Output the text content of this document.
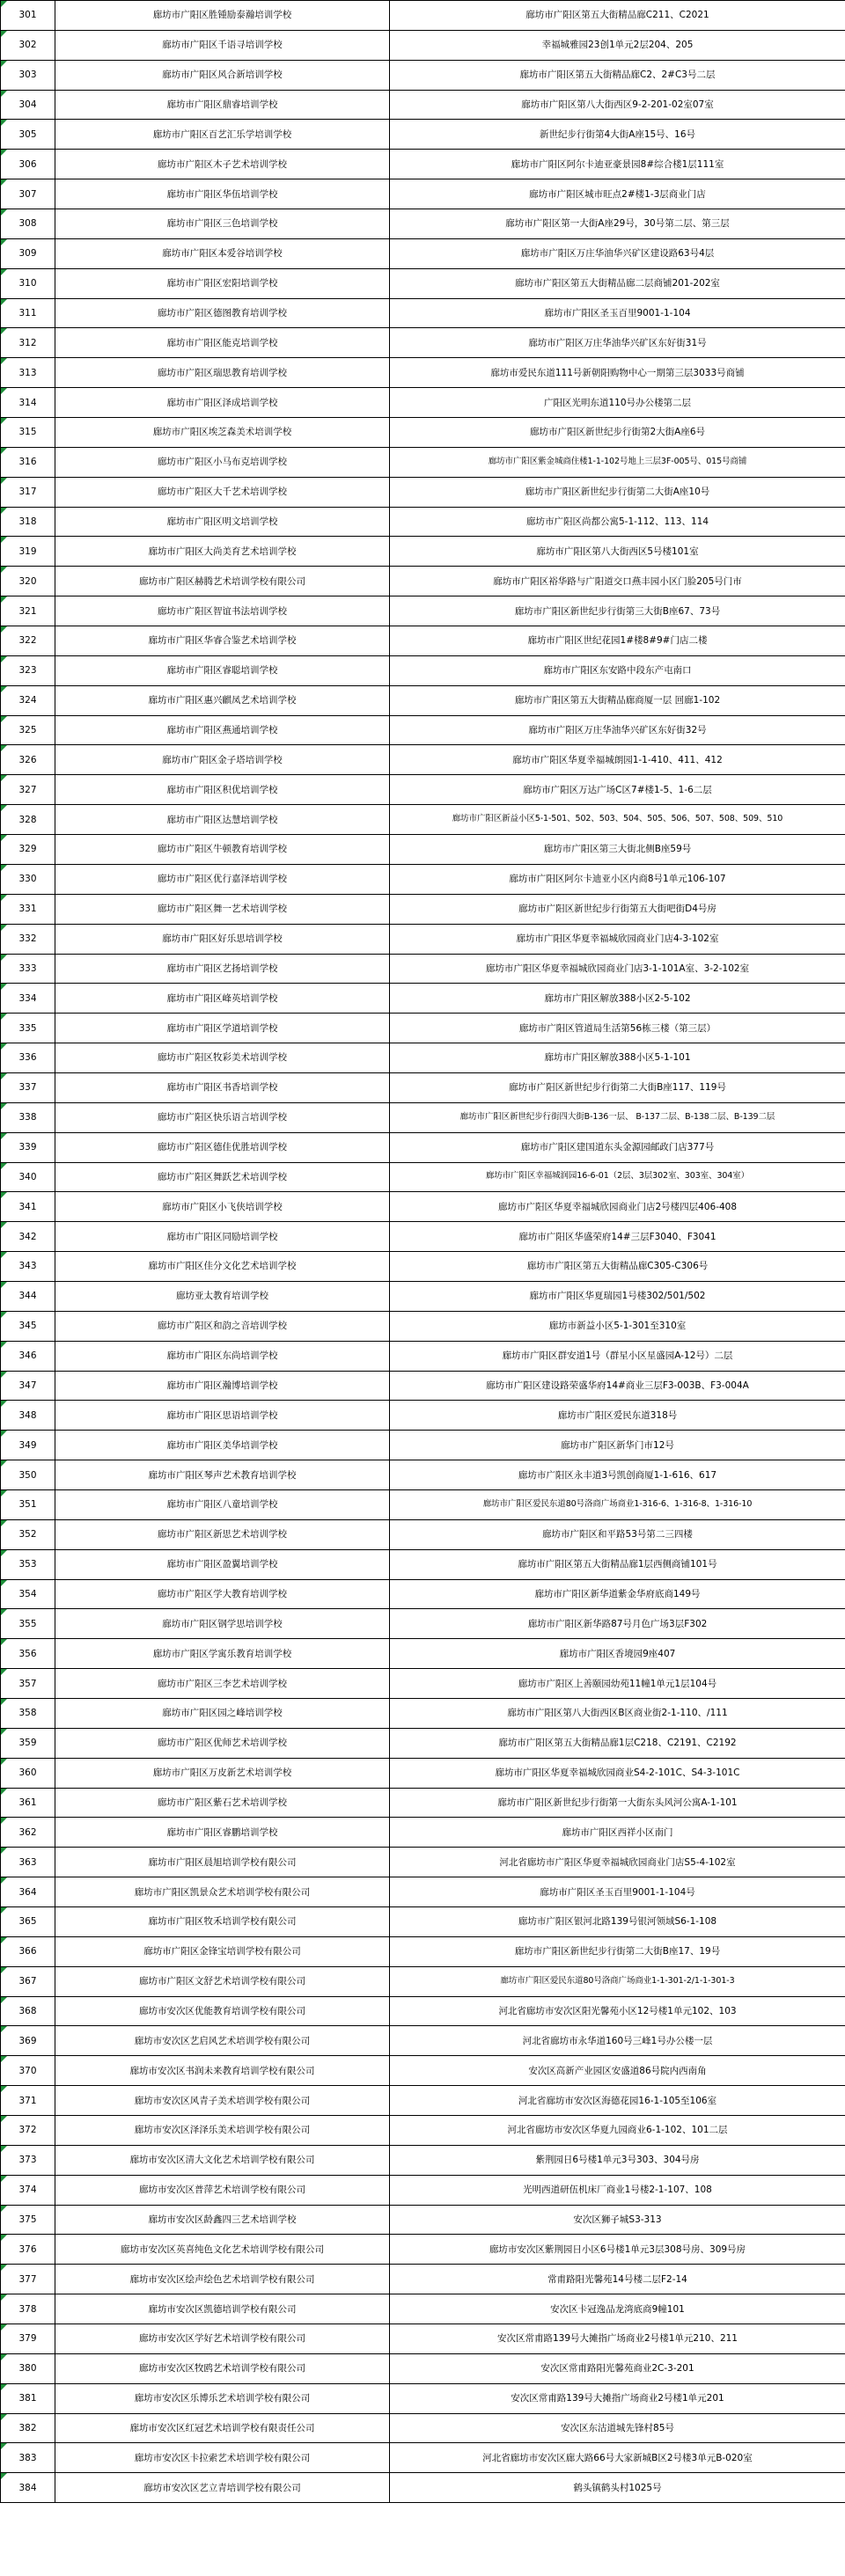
301	廊坊市广阳区胜锺励泰瀚培训学校	廊坊市广阳区第五大街精品廊C211、C2021
302	廊坊市广阳区千语寻培训学校	幸福城雅园23创1单元2层204、205
303	廊坊市广阳区风合新培训学校	廊坊市广阳区第五大街精品廊C2、2#C3号二层
304	廊坊市广阳区鼎睿培训学校	廊坊市广阳区第八大街西区9-2-201-02室07室
305	廊坊市广阳区百艺汇乐学培训学校	新世纪步行街第4大街A座15号、16号
306	廊坊市广阳区木子艺术培训学校	廊坊市广阳区阿尔卡迪亚豪景园8#综合楼1层111室
307	廊坊市广阳区华伍培训学校	廊坊市广阳区城市旺点2#楼1-3层商业门店
308	廊坊市广阳区三色培训学校	廊坊市广阳区第一大街A座29号，30号第二层、第三层
309	廊坊市广阳区本爱谷培训学校	廊坊市广阳区万庄华油华兴矿区建设路63号4层
310	廊坊市广阳区宏阳培训学校	廊坊市广阳区第五大街精品廊二层商铺201-202室
311	廊坊市广阳区德图教育培训学校	廊坊市广阳区圣玉百里9001-1-104
312	廊坊市广阳区能克培训学校	廊坊市广阳区万庄华油华兴矿区东好街31号
313	廊坊市广阳区瑞思教育培训学校	廊坊市爱民东道111号新朝阳购物中心一期第三层3033号商铺
314	廊坊市广阳区泽成培训学校	广阳区光明东道110号办公楼第二层
315	廊坊市广阳区埃芝森美术培训学校	廊坊市广阳区新世纪步行街第2大街A座6号
316	廊坊市广阳区小马布克培训学校	廊坊市广阳区紫金城商住楼1-1-102号地上三层3F-005号、015号商铺
317	廊坊市广阳区大千艺术培训学校	廊坊市广阳区新世纪步行街第二大街A座10号
318	廊坊市广阳区明文培训学校	廊坊市广阳区尚都公寓5-1-112、113、114
319	廊坊市广阳区大尚美育艺术培训学校	廊坊市广阳区第八大街西区5号楼101室
320	廊坊市广阳区赫腾艺术培训学校有限公司	廊坊市广阳区裕华路与广阳道交口燕丰园小区门脸205号门市
321	廊坊市广阳区智谊书法培训学校	廊坊市广阳区新世纪步行街第三大街B座67、73号
322	廊坊市广阳区华睿合鉴艺术培训学校	廊坊市广阳区世纪花园1#楼8#9#门店二楼
323	廊坊市广阳区睿聪培训学校	廊坊市广阳区东安路中段东产屯南口
324	廊坊市广阳区惠兴麒凤艺术培训学校	廊坊市广阳区第五大街精品廊商厦一层 回廊1-102
325	廊坊市广阳区燕通培训学校	廊坊市广阳区万庄华油华兴矿区东好街32号
326	廊坊市广阳区金子塔培训学校	廊坊市广阳区华夏幸福城朗园1-1-410、411、412
327	廊坊市广阳区积优培训学校	廊坊市广阳区万达广场C区7#楼1-5、1-6二层
328	廊坊市广阳区达慧培训学校	廊坊市广阳区新益小区5-1-501、502、503、504、505、506、507、508、509、510
329	廊坊市广阳区牛顿教育培训学校	廊坊市广阳区第三大街北侧B座59号
330	廊坊市广阳区优行嘉泽培训学校	廊坊市广阳区阿尔卡迪亚小区内商8号1单元106-107
331	廊坊市广阳区舞一艺术培训学校	廊坊市广阳区新世纪步行街第五大街吧街D4号房
332	廊坊市广阳区好乐思培训学校	廊坊市广阳区华夏幸福城欣园商业门店4-3-102室
333	廊坊市广阳区艺扬培训学校	廊坊市广阳区华夏幸福城欣园商业门店3-1-101A室、3-2-102室
334	廊坊市广阳区峰英培训学校	廊坊市广阳区解放388小区2-5-102
335	廊坊市广阳区学道培训学校	廊坊市广阳区管道局生活第56栋三楼（第三层）
336	廊坊市广阳区牧彩美术培训学校	廊坊市广阳区解放388小区5-1-101
337	廊坊市广阳区书香培训学校	廊坊市广阳区新世纪步行街第二大街B座117、119号
338	廊坊市广阳区快乐语言培训学校	廊坊市广阳区新世纪步行街四大街B-136一层、 B-137二层、B-138二层、B-139二层
339	廊坊市广阳区德佳优胜培训学校	廊坊市广阳区建国道东头金源园邮政门店377号
340	廊坊市广阳区舞跃艺术培训学校	廊坊市广阳区幸福城润园16-6-01（2层、3层302室、303室、304室）
341	廊坊市广阳区小飞侠培训学校	廊坊市广阳区华夏幸福城欣园商业门店2号楼四层406-408
342	廊坊市广阳区同励培训学校	廊坊市广阳区华盛荣府14#三层F3040、F3041
343	廊坊市广阳区佳分文化艺术培训学校	廊坊市广阳区第五大街精品廊C305-C306号
344	廊坊亚太教育培训学校	廊坊市广阳区华夏瑞园1号楼302/501/502
345	廊坊市广阳区和韵之音培训学校	廊坊市新益小区5-1-301至310室
346	廊坊市广阳区东尚培训学校	廊坊市广阳区群安道1号（群星小区星盛园A-12号）二层
347	廊坊市广阳区瀚博培训学校	廊坊市广阳区建设路荣盛华府14#商业三层F3-003B、F3-004A
348	廊坊市广阳区思语培训学校	廊坊市广阳区爱民东道318号
349	廊坊市广阳区美华培训学校	廊坊市广阳区新华门市12号
350	廊坊市广阳区琴声艺术教育培训学校	廊坊市广阳区永丰道3号凯创商厦1-1-616、617
351	廊坊市广阳区八童培训学校	廊坊市广阳区爱民东道80号洛商广场商业1-316-6、1-316-8、1-316-10
352	廊坊市广阳区新思艺术培训学校	廊坊市广阳区和平路53号第二三四楼
353	廊坊市广阳区盈翼培训学校	廊坊市广阳区第五大街精品廊1层西侧商铺101号
354	廊坊市广阳区学大教育培训学校	廊坊市广阳区新华道紫金华府底商149号
355	廊坊市广阳区钢学思培训学校	廊坊市广阳区新华路87号月色广场3层F302
356	廊坊市广阳区学寓乐教育培训学校	廊坊市广阳区香境园9座407
357	廊坊市广阳区三李艺术培训学校	廊坊市广阳区上善颐园幼苑11幢1单元1层104号
358	廊坊市广阳区园之峰培训学校	廊坊市广阳区第八大街西区B区商业街2-1-110、/111
359	廊坊市广阳区优师艺术培训学校	廊坊市广阳区第五大街精品廊1层C218、C2191、C2192
360	廊坊市广阳区万皮新艺术培训学校	廊坊市广阳区华夏幸福城欣园商业S4-2-101C、S4-3-101C
361	廊坊市广阳区紫石艺术培训学校	廊坊市广阳区新世纪步行街第一大街东头风河公寓A-1-101
362	廊坊市广阳区睿鹏培训学校	廊坊市广阳区西祥小区南门
363	廊坊市广阳区晨旭培训学校有限公司	河北省廊坊市广阳区华夏幸福城欣园商业门店S5-4-102室
364	廊坊市广阳区凯景众艺术培训学校有限公司	廊坊市广阳区圣玉百里9001-1-104号
365	廊坊市广阳区牧禾培训学校有限公司	廊坊市广阳区银河北路139号银河领域S6-1-108
366	廊坊市广阳区金锋宝培训学校有限公司	廊坊市广阳区新世纪步行街第二大街B座17、19号
367	廊坊市广阳区文舒艺术培训学校有限公司	廊坊市广阳区爱民东道80号洛商广场商业1-1-301-2/1-1-301-3
368	廊坊市安次区优能教育培训学校有限公司	河北省廊坊市安次区阳光馨苑小区12号楼1单元102、103
369	廊坊市安次区艺启风艺术培训学校有限公司	河北省廊坊市永华道160号三峰1号办公楼一层
370	廊坊市安次区书润未来教育培训学校有限公司	安次区高新产业园区安盛道86号院内西南角
371	廊坊市安次区风青子美术培训学校有限公司	河北省廊坊市安次区海德花园16-1-105至106室
372	廊坊市安次区泽泽乐美术培训学校有限公司	河北省廊坊市安次区华夏九园商业6-1-102、101二层
373	廊坊市安次区清大文化艺术培训学校有限公司	紫荆园日6号楼1单元3号303、304号房
374	廊坊市安次区普萍艺术培训学校有限公司	光明西道研伍机床厂商业1号楼2-1-107、108
375	廊坊市安次区龄鑫四三艺术培训学校	安次区狮子城S3-313
376	廊坊市安次区英喜纯色文化艺术培训学校有限公司	廊坊市安次区紫荆园日小区6号楼1单元3层308号房、309号房
377	廊坊市安次区绘声绘色艺术培训学校有限公司	常甫路阳光馨苑14号楼二层F2-14
378	廊坊市安次区凯德培训学校有限公司	安次区卡冠逸品龙湾底商9幢101
379	廊坊市安次区学好艺术培训学校有限公司	安次区常甫路139号大摊指广场商业2号楼1单元210、211
380	廊坊市安次区牧鸥艺术培训学校有限公司	安次区常甫路阳光馨苑商业2C-3-201
381	廊坊市安次区乐博乐艺术培训学校有限公司	安次区常甫路139号大摊指广场商业2号楼1单元201
382	廊坊市安次区红冠艺术培训学校有限责任公司	安次区东沽道城先锋村85号
383	廊坊市安次区卡拉索艺术培训学校有限公司	河北省廊坊市安次区廊大路66号大家新城B区2号楼3单元B-020室
384	廊坊市安次区艺立青培训学校有限公司	鹤头镇鹤头村1025号
